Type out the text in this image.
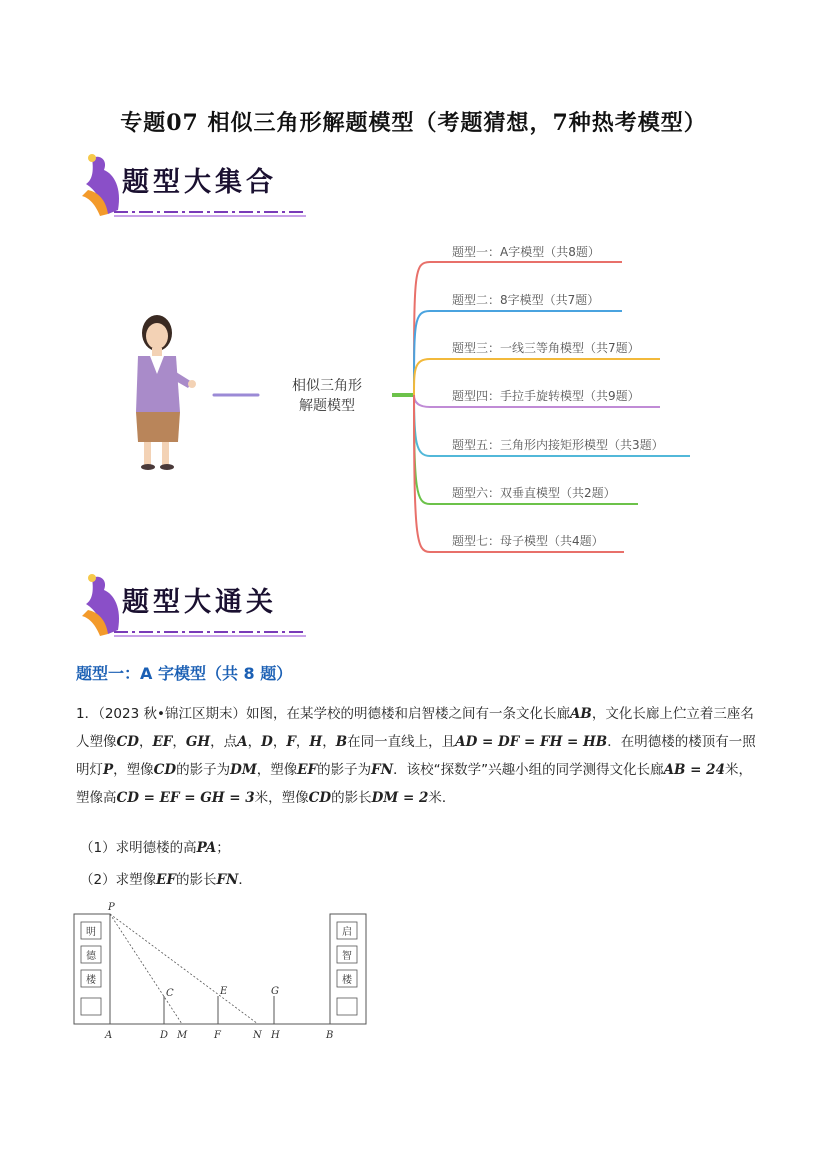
专题07 相似三角形解题模型（考题猜想，7种热考模型）
题型大集合
相似三角形
解题模型
题型一：A字模型（共8题）
题型二：8字模型（共7题）
题型三：一线三等角模型（共7题）
题型四：手拉手旋转模型（共9题）
题型五：三角形内接矩形模型（共3题）
题型六：双垂直模型（共2题）
题型七：母子模型（共4题）
题型大通关
题型一：A 字模型（共 8 题）
1．（2023 秋•锦江区期末）如图，在某学校的明德楼和启智楼之间有一条文化长廊AB，文化长廊上伫立着三座名人塑像CD，EF，GH，点A，D，F，H，B在同一直线上，且AD = DF = FH = HB．在明德楼的楼顶有一照明灯P，塑像CD的影子为DM，塑像EF的影子为FN．该校“探数学”兴趣小组的同学测得文化长廊AB = 24米，塑像高CD = EF = GH = 3米，塑像CD的影长DM = 2米．
（1）求明德楼的高PA；
（2）求塑像EF的影长FN．
明
德
楼
启
智
楼
P
C	E	G
A	D M	F	N H	B
